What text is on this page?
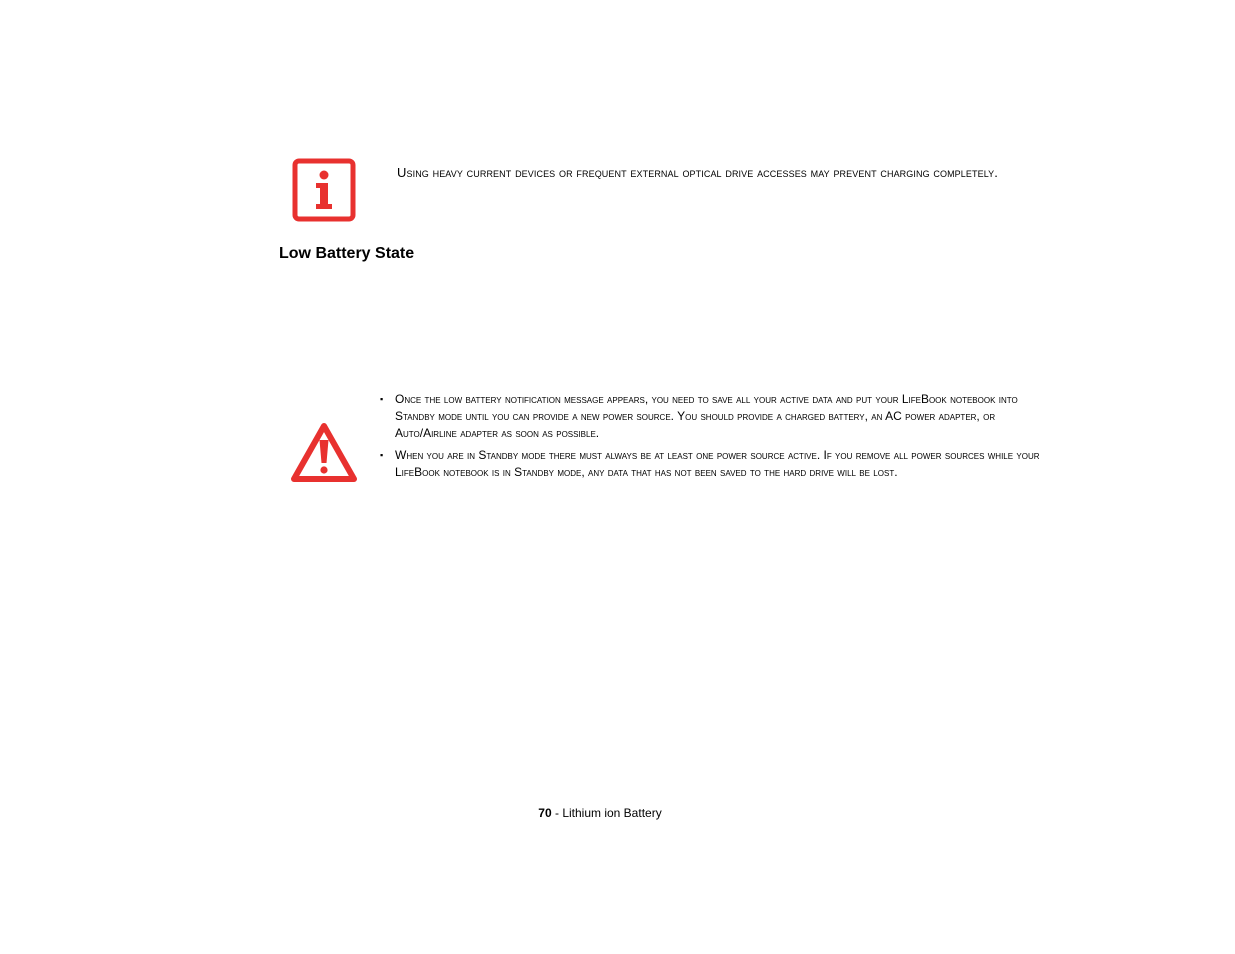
Using heavy current devices or frequent external optical drive accesses may prevent charging completely.
Low Battery State
▪ Once the low battery notification message appears, you need to save all your active data and put your LifeBook notebook into Standby mode until you can provide a new power source. You should provide a charged battery, an AC power adapter, or Auto/Airline adapter as soon as possible.
▪ When you are in Standby mode there must always be at least one power source active. If you remove all power sources while your LifeBook notebook is in Standby mode, any data that has not been saved to the hard drive will be lost.
70 - Lithium ion Battery
